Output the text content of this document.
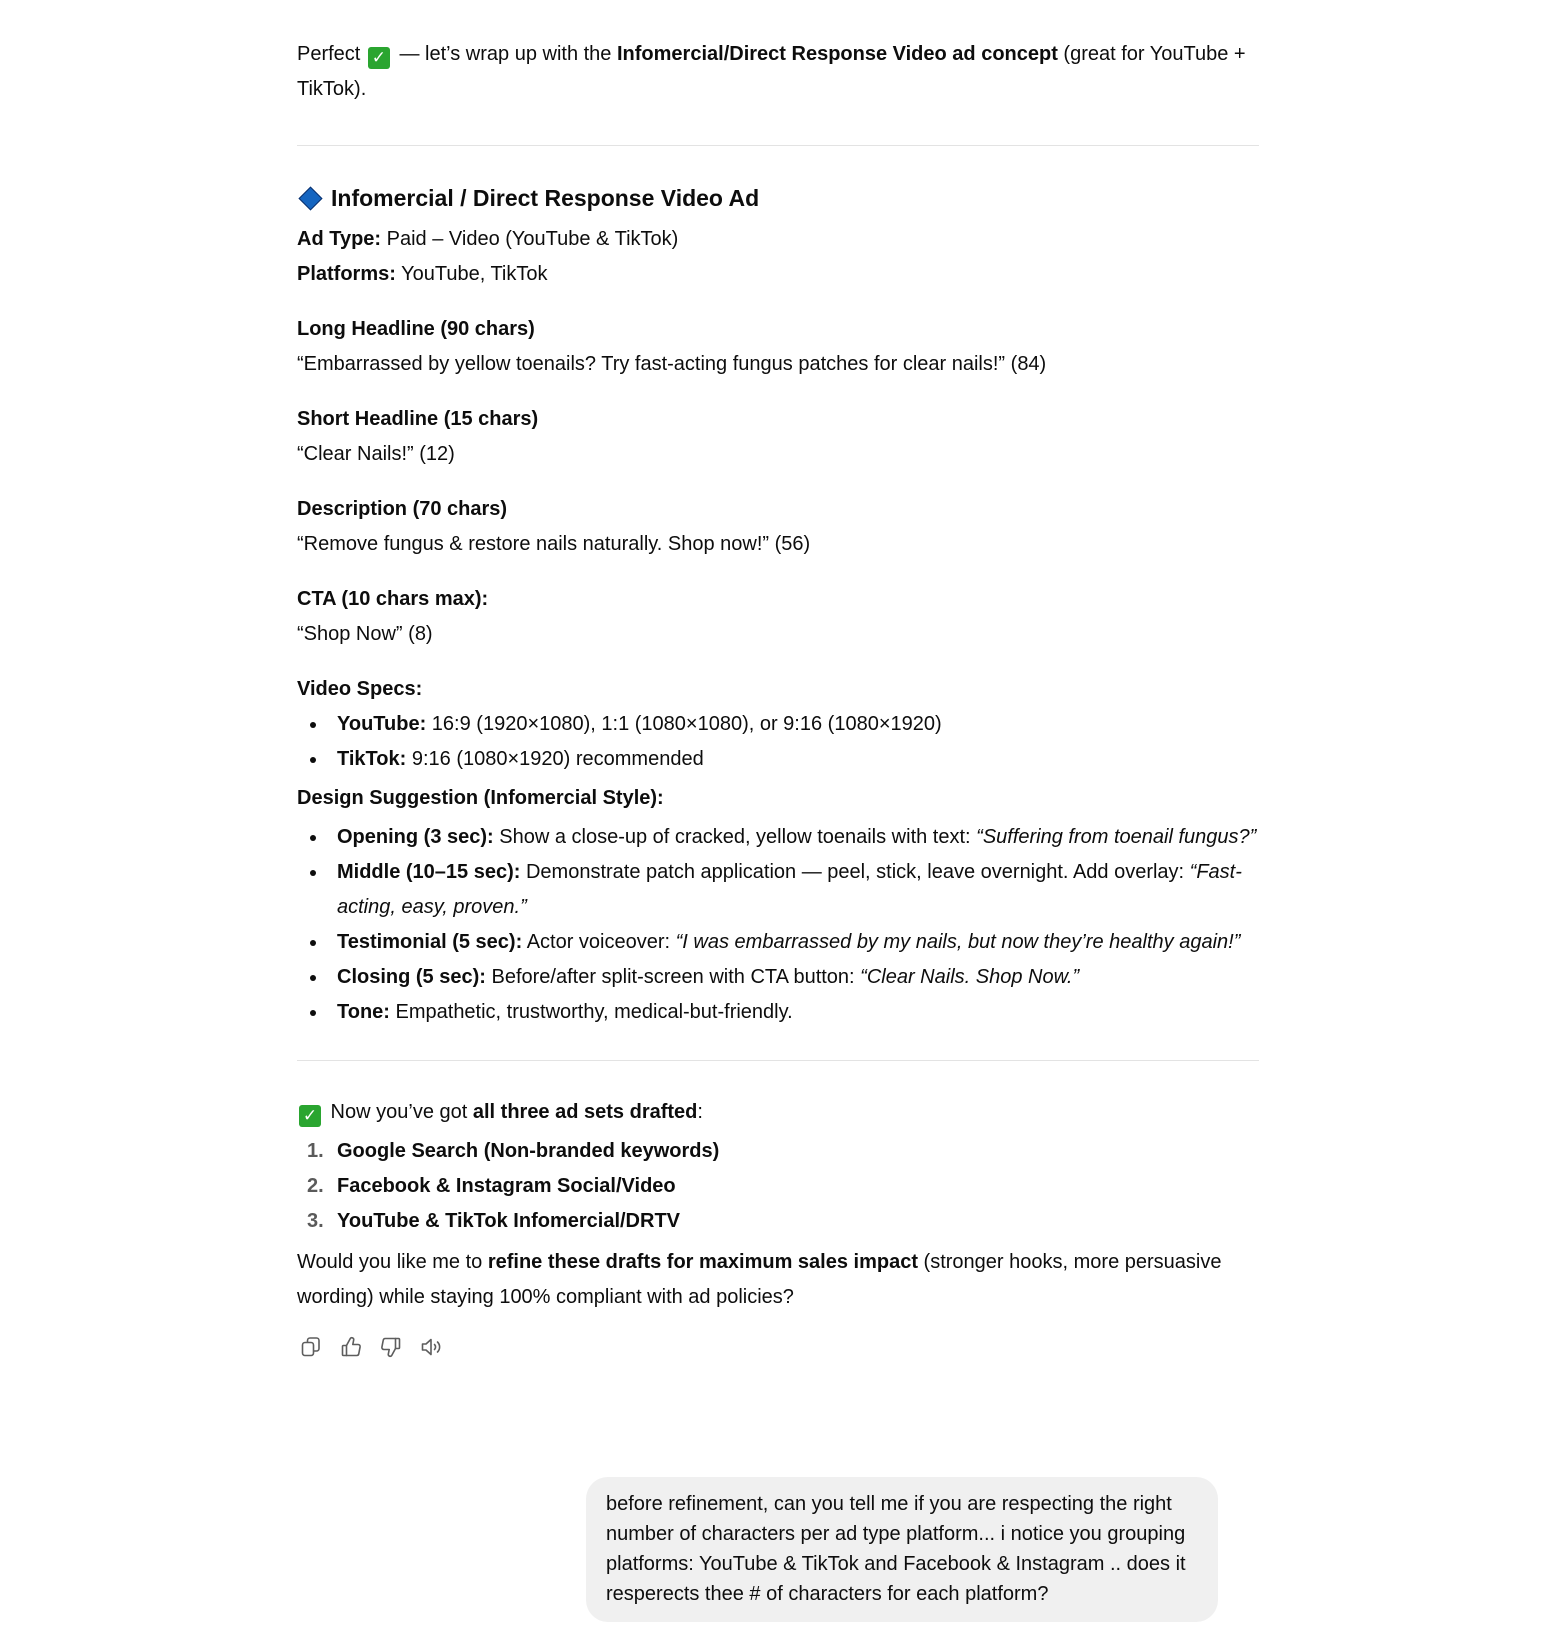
Perfect ✓ — let’s wrap up with the Infomercial/Direct Response Video ad concept (great for YouTube + TikTok).

Infomercial / Direct Response Video Ad

Ad Type: Paid – Video (YouTube & TikTok)

Platforms: YouTube, TikTok

Long Headline (90 chars)

“Embarrassed by yellow toenails? Try fast-acting fungus patches for clear nails!” (84)

Short Headline (15 chars)

“Clear Nails!” (12)

Description (70 chars)

“Remove fungus & restore nails naturally. Shop now!” (56)

CTA (10 chars max):

“Shop Now” (8)

Video Specs:

YouTube: 16:9 (1920×1080), 1:1 (1080×1080), or 9:16 (1080×1920)
TikTok: 9:16 (1080×1920) recommended

Design Suggestion (Infomercial Style):

Opening (3 sec): Show a close-up of cracked, yellow toenails with text: “Suffering from toenail fungus?”
Middle (10–15 sec): Demonstrate patch application — peel, stick, leave overnight. Add overlay: “Fast-acting, easy, proven.”
Testimonial (5 sec): Actor voiceover: “I was embarrassed by my nails, but now they’re healthy again!”
Closing (5 sec): Before/after split-screen with CTA button: “Clear Nails. Shop Now.”
Tone: Empathetic, trustworthy, medical-but-friendly.

✓ Now you’ve got all three ad sets drafted:

1. Google Search (Non-branded keywords)
2. Facebook & Instagram Social/Video
3. YouTube & TikTok Infomercial/DRTV

Would you like me to refine these drafts for maximum sales impact (stronger hooks, more persuasive wording) while staying 100% compliant with ad policies?

before refinement, can you tell me if you are respecting the right number of characters per ad type platform... i notice you grouping platforms: YouTube & TikTok and Facebook & Instagram .. does it resperects thee # of characters for each platform?
